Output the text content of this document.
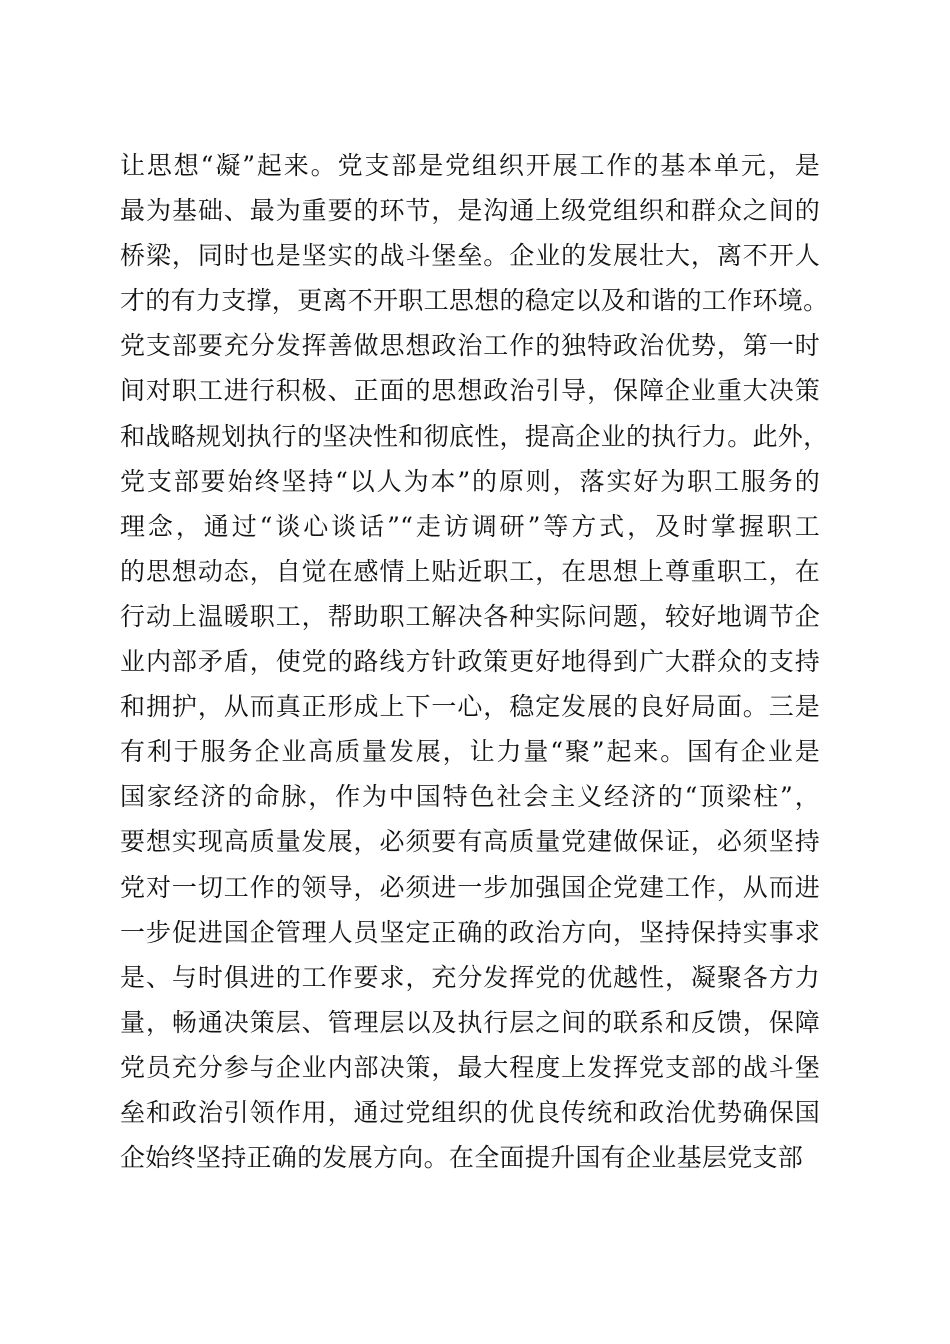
让思想“凝”起来。党支部是党组织开展工作的基本单元，是
最为基础、最为重要的环节，是沟通上级党组织和群众之间的
桥梁，同时也是坚实的战斗堡垒。企业的发展壮大，离不开人
才的有力支撑，更离不开职工思想的稳定以及和谐的工作环境。
党支部要充分发挥善做思想政治工作的独特政治优势，第一时
间对职工进行积极、正面的思想政治引导，保障企业重大决策
和战略规划执行的坚决性和彻底性，提高企业的执行力。此外，
党支部要始终坚持“以人为本”的原则，落实好为职工服务的
理念，通过“谈心谈话”“走访调研”等方式，及时掌握职工
的思想动态，自觉在感情上贴近职工，在思想上尊重职工，在
行动上温暖职工，帮助职工解决各种实际问题，较好地调节企
业内部矛盾，使党的路线方针政策更好地得到广大群众的支持
和拥护，从而真正形成上下一心，稳定发展的良好局面。三是
有利于服务企业高质量发展，让力量“聚”起来。国有企业是
国家经济的命脉，作为中国特色社会主义经济的“顶梁柱”，
要想实现高质量发展，必须要有高质量党建做保证，必须坚持
党对一切工作的领导，必须进一步加强国企党建工作，从而进
一步促进国企管理人员坚定正确的政治方向，坚持保持实事求
是、与时俱进的工作要求，充分发挥党的优越性，凝聚各方力
量，畅通决策层、管理层以及执行层之间的联系和反馈，保障
党员充分参与企业内部决策，最大程度上发挥党支部的战斗堡
垒和政治引领作用，通过党组织的优良传统和政治优势确保国
企始终坚持正确的发展方向。在全面提升国有企业基层党支部
